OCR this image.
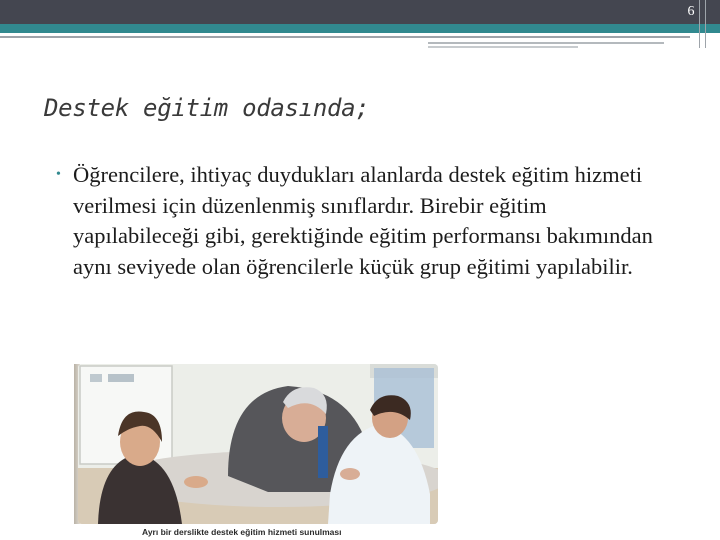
6
Destek eğitim odasında;
• Öğrencilere, ihtiyaç duydukları alanlarda destek eğitim hizmeti verilmesi için düzenlenmiş sınıflardır. Birebir eğitim yapılabileceği gibi, gerektiğinde eğitim performansı bakımından aynı seviyede olan öğrencilerle küçük grup eğitimi yapılabilir.
Ayrı bir derslikte destek eğitim hizmeti sunulması
